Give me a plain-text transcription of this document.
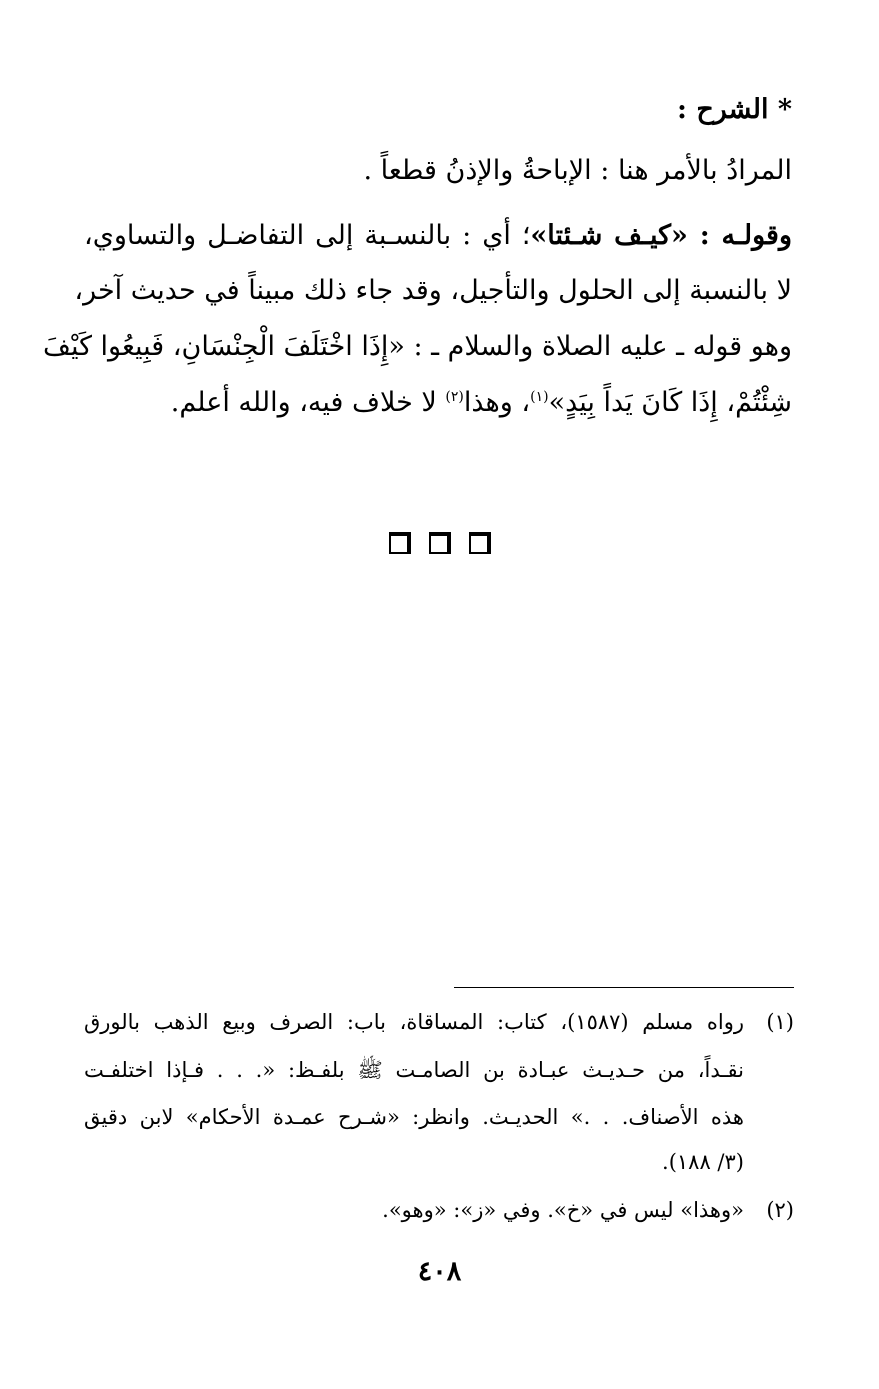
* الشرح :
المرادُ بالأمر هنا : الإباحةُ والإذنُ قطعاً .
وقولـه : «كيـف شـئتا»؛ أي : بالنسـبة إلى التفاضـل والتساوي،
لا بالنسبة إلى الحلول والتأجيل، وقد جاء ذلك مبيناً في حديث آخر،
وهو قوله ـ عليه الصلاة والسلام ـ : «إِذَا اخْتَلَفَ الْجِنْسَانِ، فَبِيعُوا كَيْفَ
شِئْتُمْ، إِذَا كَانَ يَداً بِيَدٍ»$^{(١)}$، وهذا$^{(٢)}$ لا خلاف فيه، والله أعلم.
(١)
رواه مسلم (١٥٨٧)، كتاب: المساقاة، باب: الصرف وبيع الذهب بالورق
نقـداً، من حـديـث عبـادة بن الصامـت ﷺ بلفـظ: «. . . فـإذا اختلفـت
هذه الأصناف. . .» الحديـث. وانظر: «شـرح عمـدة الأحكام» لابن دقيق
(٣/ ١٨٨).
(٢)
«وهذا» ليس في «خ». وفي «ز»: «وهو».
٤٠٨
